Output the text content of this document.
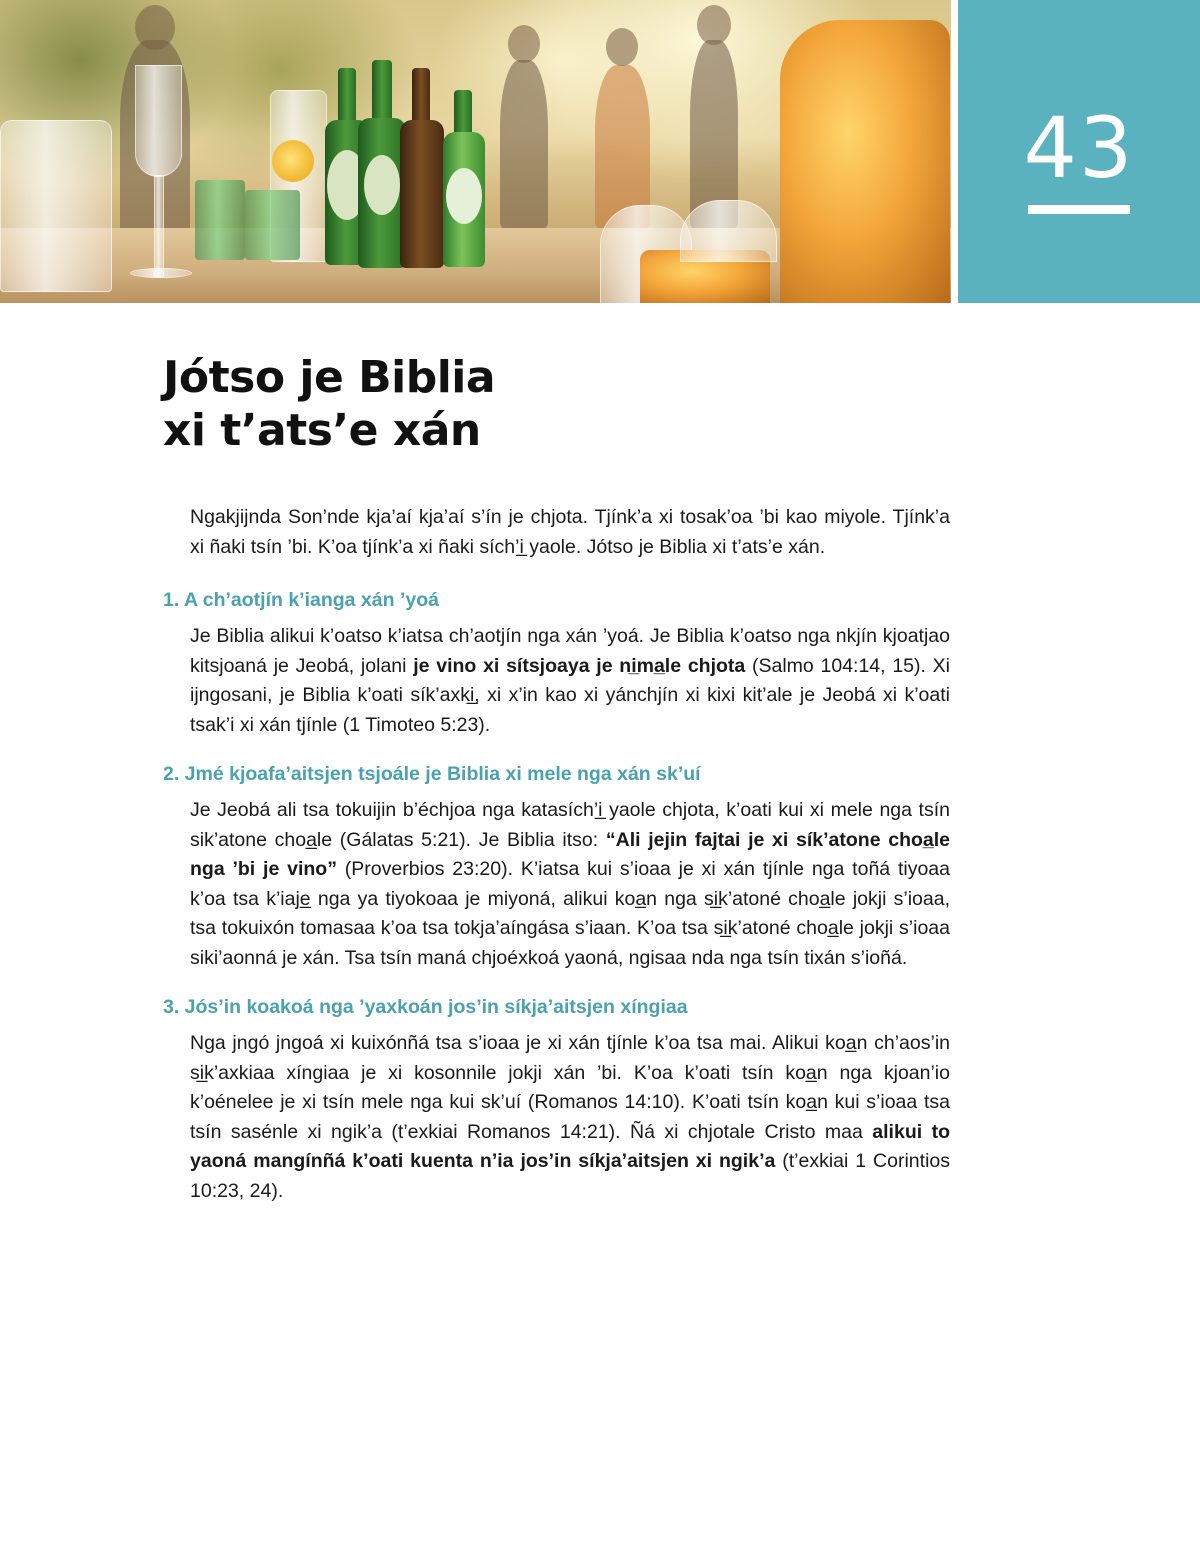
43
Jótso je Biblia
xi t’ats’e xán

Ngakjijnda Son’nde kja’aí kja’aí s’ín je chjota. Tjínk’a xi tosak’oa ’bi kao miyole. Tjínk’a xi ñaki tsín ’bi. K’oa tjínk’a xi ñaki sích’i̲ yaole. Jótso je Biblia xi t’ats’e xán.

1. A ch’aotjín k’ianga xán ’yoá

Je Biblia alikui k’oatso k’iatsa ch’aotjín nga xán ’yoá. Je Biblia k’oatso nga nkjín kjoatjao kitsjoaná je Jeobá, jolani je vino xi sítsjoaya je ni̲ma̲le chjota (Salmo 104:14, 15). Xi ijngosani, je Biblia k’oati sík’axki̲, xi x’in kao xi yánchjín xi kixi kit’ale je Jeobá xi k’oati tsak’i xi xán tjínle (1 Timoteo 5:23).

2. Jmé kjoafa’aitsjen tsjoále je Biblia xi mele nga xán sk’uí

Je Jeobá ali tsa tokuijin b’échjoa nga katasích’i̲ yaole chjota, k’oati kui xi mele nga tsín sik’atone choa̲le (Gálatas 5:21). Je Biblia itso: “Ali jejin fajtai je xi sík’atone choa̲le nga ’bi je vino” (Proverbios 23:20). K’iatsa kui s’ioaa je xi xán tjínle nga toñá tiyoaa k’oa tsa k’iaje̲ nga ya tiyokoaa je miyoná, alikui koa̲n nga si̲k’atoné choa̲le jokji s’ioaa, tsa tokuixón tomasaa k’oa tsa tokja’aíngása s’iaan. K’oa tsa si̲k’atoné choa̲le jokji s’ioaa siki’aonná je xán. Tsa tsín maná chjoéxkoá yaoná, ngisaa nda nga tsín tixán s’ioñá.

3. Jós’in koakoá nga ’yaxkoán jos’in síkja’aitsjen xíngiaa

Nga jngó jngoá xi kuixónñá tsa s’ioaa je xi xán tjínle k’oa tsa mai. Alikui koa̲n ch’aos’in si̲k’axkiaa xíngiaa je xi kosonnile jokji xán ’bi. K’oa k’oati tsín koa̲n nga kjoan’io k’oénelee je xi tsín mele nga kui sk’uí (Romanos 14:10). K’oati tsín koa̲n kui s’ioaa tsa tsín sasénle xi ngik’a (t’exkiai Romanos 14:21). Ñá xi chjotale Cristo maa alikui to yaoná mangínñá k’oati kuenta n’ia jos’in síkja’aitsjen xi ngik’a (t’exkiai 1 Corintios 10:23, 24).
